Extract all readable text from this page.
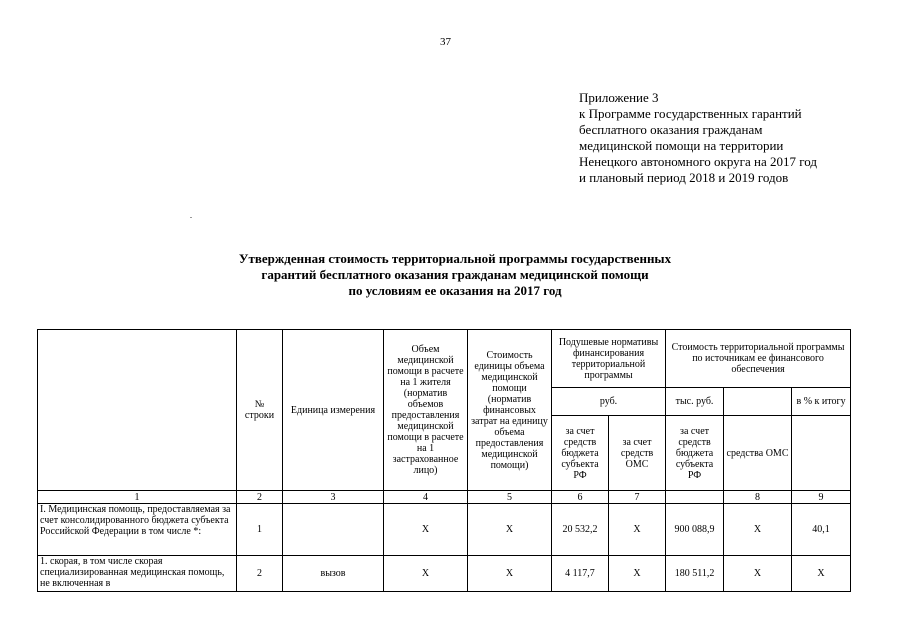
37
Приложение 3
к Программе государственных гарантий
бесплатного оказания гражданам
медицинской помощи на территории
Ненецкого автономного округа на 2017 год
и плановый период 2018 и 2019 годов
Утвержденная стоимость территориальной программы государственных
гарантий бесплатного оказания гражданам медицинской помощи
по условиям ее оказания на 2017 год
	№ строки	Единица измерения	Объем медицинской помощи в расчете на 1 жителя (норматив объемов предоставления медицинской помощи в расчете на 1 застрахованное лицо)	Стоимость единицы объема медицинской помощи (норматив финансовых затрат на единицу объема предоставления медицинской помощи)	Подушевые нормативы финансирования территориальной программы		Стоимость территориальной программы по источникам ее финансового обеспечения		
					руб.		тыс. руб.		в % к итогу
					за счет средств бюджета субъекта РФ	за счет средств ОМС	за счет средств бюджета субъекта РФ	средства ОМС	
1	2	3	4	5	6	7		8	9
I. Медицинская помощь, предоставляемая за счет консолидированного бюджета субъекта Российской Федерации в том числе *:	1		X	X	20 532,2	X	900 088,9	X	40,1
1. скорая, в том числе скорая специализированная медицинская помощь, не включенная в	2	вызов	X	X	4 117,7	X	180 511,2	X	X
